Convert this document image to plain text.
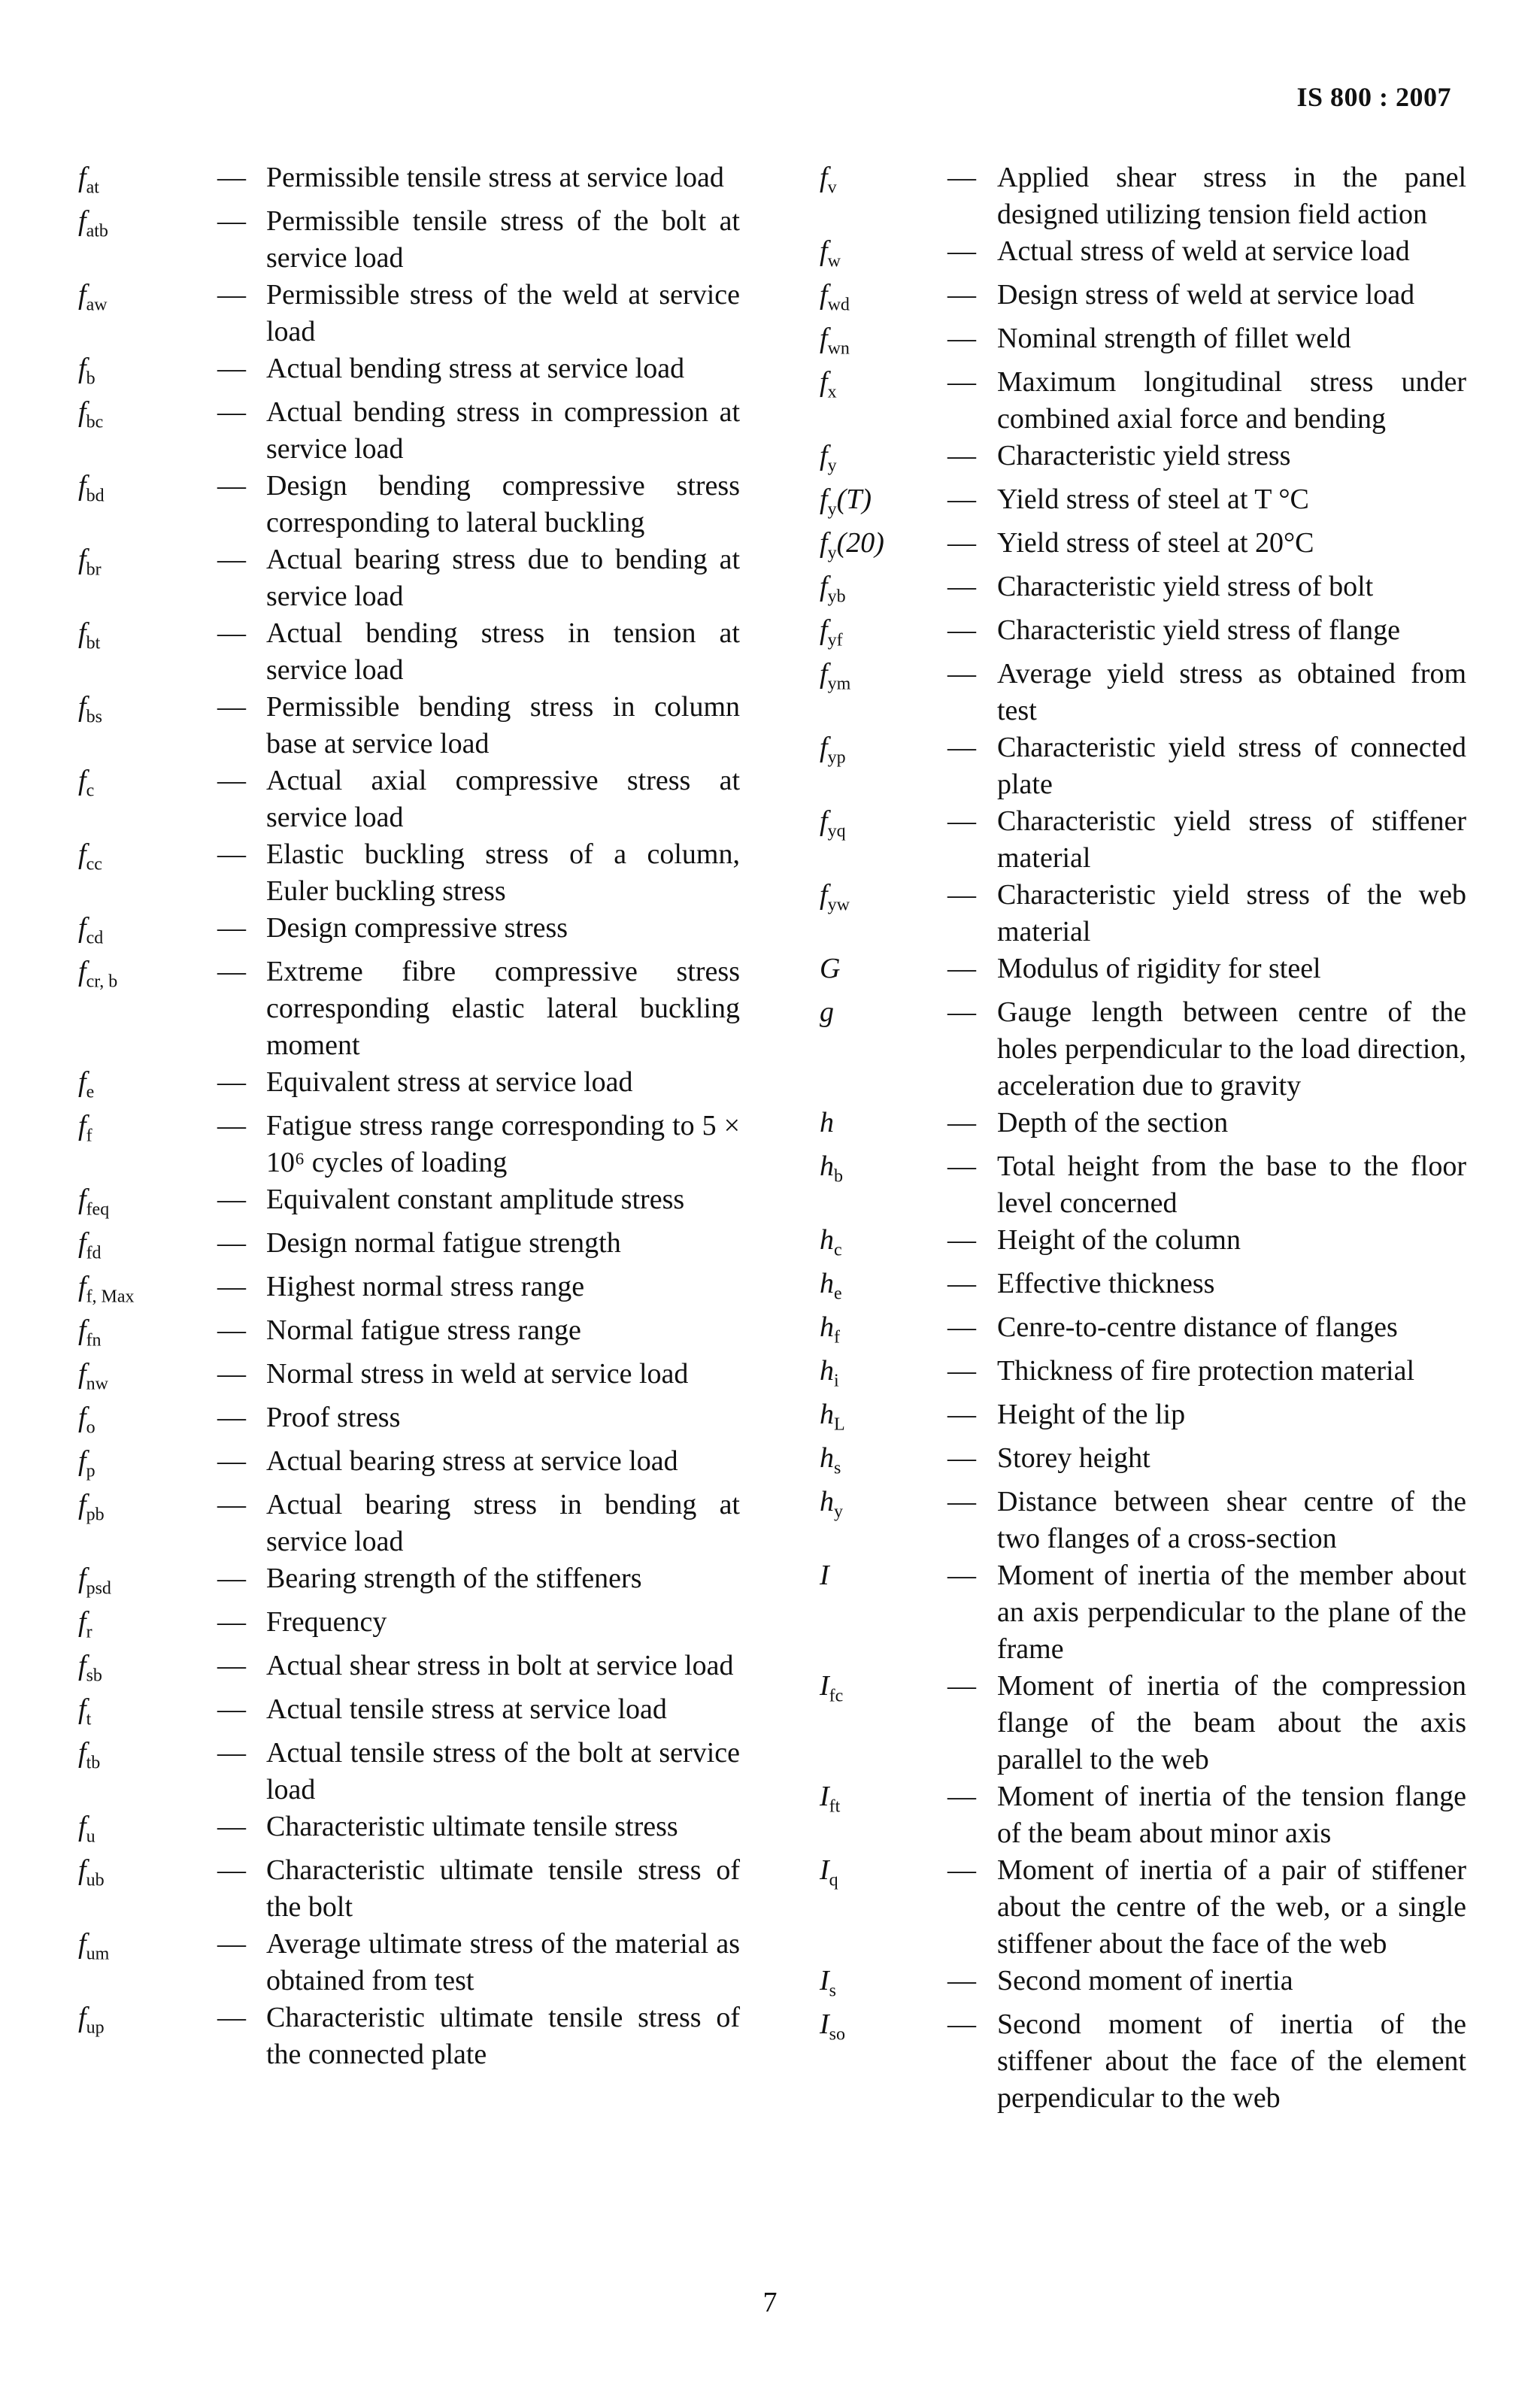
IS 800 : 2007
$f_{at}$	— Permissible tensile stress at service load
$f_{atb}$	— Permissible tensile stress of the bolt at service load
$f_{aw}$	— Permissible stress of the weld at service load
$f_b$	— Actual bending stress at service load
$f_{bc}$	— Actual bending stress in compression at service load
$f_{bd}$	— Design bending compressive stress corresponding to lateral buckling
$f_{br}$	— Actual bearing stress due to bending at service load
$f_{bt}$	— Actual bending stress in tension at service load
$f_{bs}$	— Permissible bending stress in column base at service load
$f_c$	— Actual axial compressive stress at service load
$f_{cc}$	— Elastic buckling stress of a column, Euler buckling stress
$f_{cd}$	— Design compressive stress
$f_{cr, b}$	— Extreme fibre compressive stress corresponding elastic lateral buckling moment
$f_e$	— Equivalent stress at service load
$f_f$	— Fatigue stress range corresponding to 5 × 10⁶ cycles of loading
$f_{feq}$	— Equivalent constant amplitude stress
$f_{fd}$	— Design normal fatigue strength
$f_{f, Max}$	— Highest normal stress range
$f_{fn}$	— Normal fatigue stress range
$f_{nw}$	— Normal stress in weld at service load
$f_o$	— Proof stress
$f_p$	— Actual bearing stress at service load
$f_{pb}$	— Actual bearing stress in bending at service load
$f_{psd}$	— Bearing strength of the stiffeners
$f_r$	— Frequency
$f_{sb}$	— Actual shear stress in bolt at service load
$f_t$	— Actual tensile stress at service load
$f_{tb}$	— Actual tensile stress of the bolt at service load
$f_u$	— Characteristic ultimate tensile stress
$f_{ub}$	— Characteristic ultimate tensile stress of the bolt
$f_{um}$	— Average ultimate stress of the material as obtained from test
$f_{up}$	— Characteristic ultimate tensile stress of the connected plate
$f_v$	— Applied shear stress in the panel designed utilizing tension field action
$f_w$	— Actual stress of weld at service load
$f_{wd}$	— Design stress of weld at service load
$f_{wn}$	— Nominal strength of fillet weld
$f_x$	— Maximum longitudinal stress under combined axial force and bending
$f_y$	— Characteristic yield stress
$f_y(T)$	— Yield stress of steel at T °C
$f_y(20)$ — Yield stress of steel at 20°C
$f_{yb}$	— Characteristic yield stress of bolt
$f_{yf}$	— Characteristic yield stress of flange
$f_{ym}$	— Average yield stress as obtained from test
$f_{yp}$	— Characteristic yield stress of connected plate
$f_{yq}$	— Characteristic yield stress of stiffener material
$f_{yw}$	— Characteristic yield stress of the web material
G	— Modulus of rigidity for steel
g	— Gauge length between centre of the holes perpendicular to the load direction, acceleration due to gravity
h	— Depth of the section
$h_b$	— Total height from the base to the floor level concerned
$h_c$	— Height of the column
$h_e$	— Effective thickness
$h_f$	— Cenre-to-centre distance of flanges
$h_i$	— Thickness of fire protection material
$h_L$	— Height of the lip
$h_s$	— Storey height
$h_y$	— Distance between shear centre of the two flanges of a cross-section
I	— Moment of inertia of the member about an axis perpendicular to the plane of the frame
$I_{fc}$	— Moment of inertia of the compression flange of the beam about the axis parallel to the web
$I_{ft}$	— Moment of inertia of the tension flange of the beam about minor axis
$I_q$	— Moment of inertia of a pair of stiffener about the centre of the web, or a single stiffener about the face of the web
$I_s$	— Second moment of inertia
$I_{so}$	— Second moment of inertia of the stiffener about the face of the element perpendicular to the web
7
